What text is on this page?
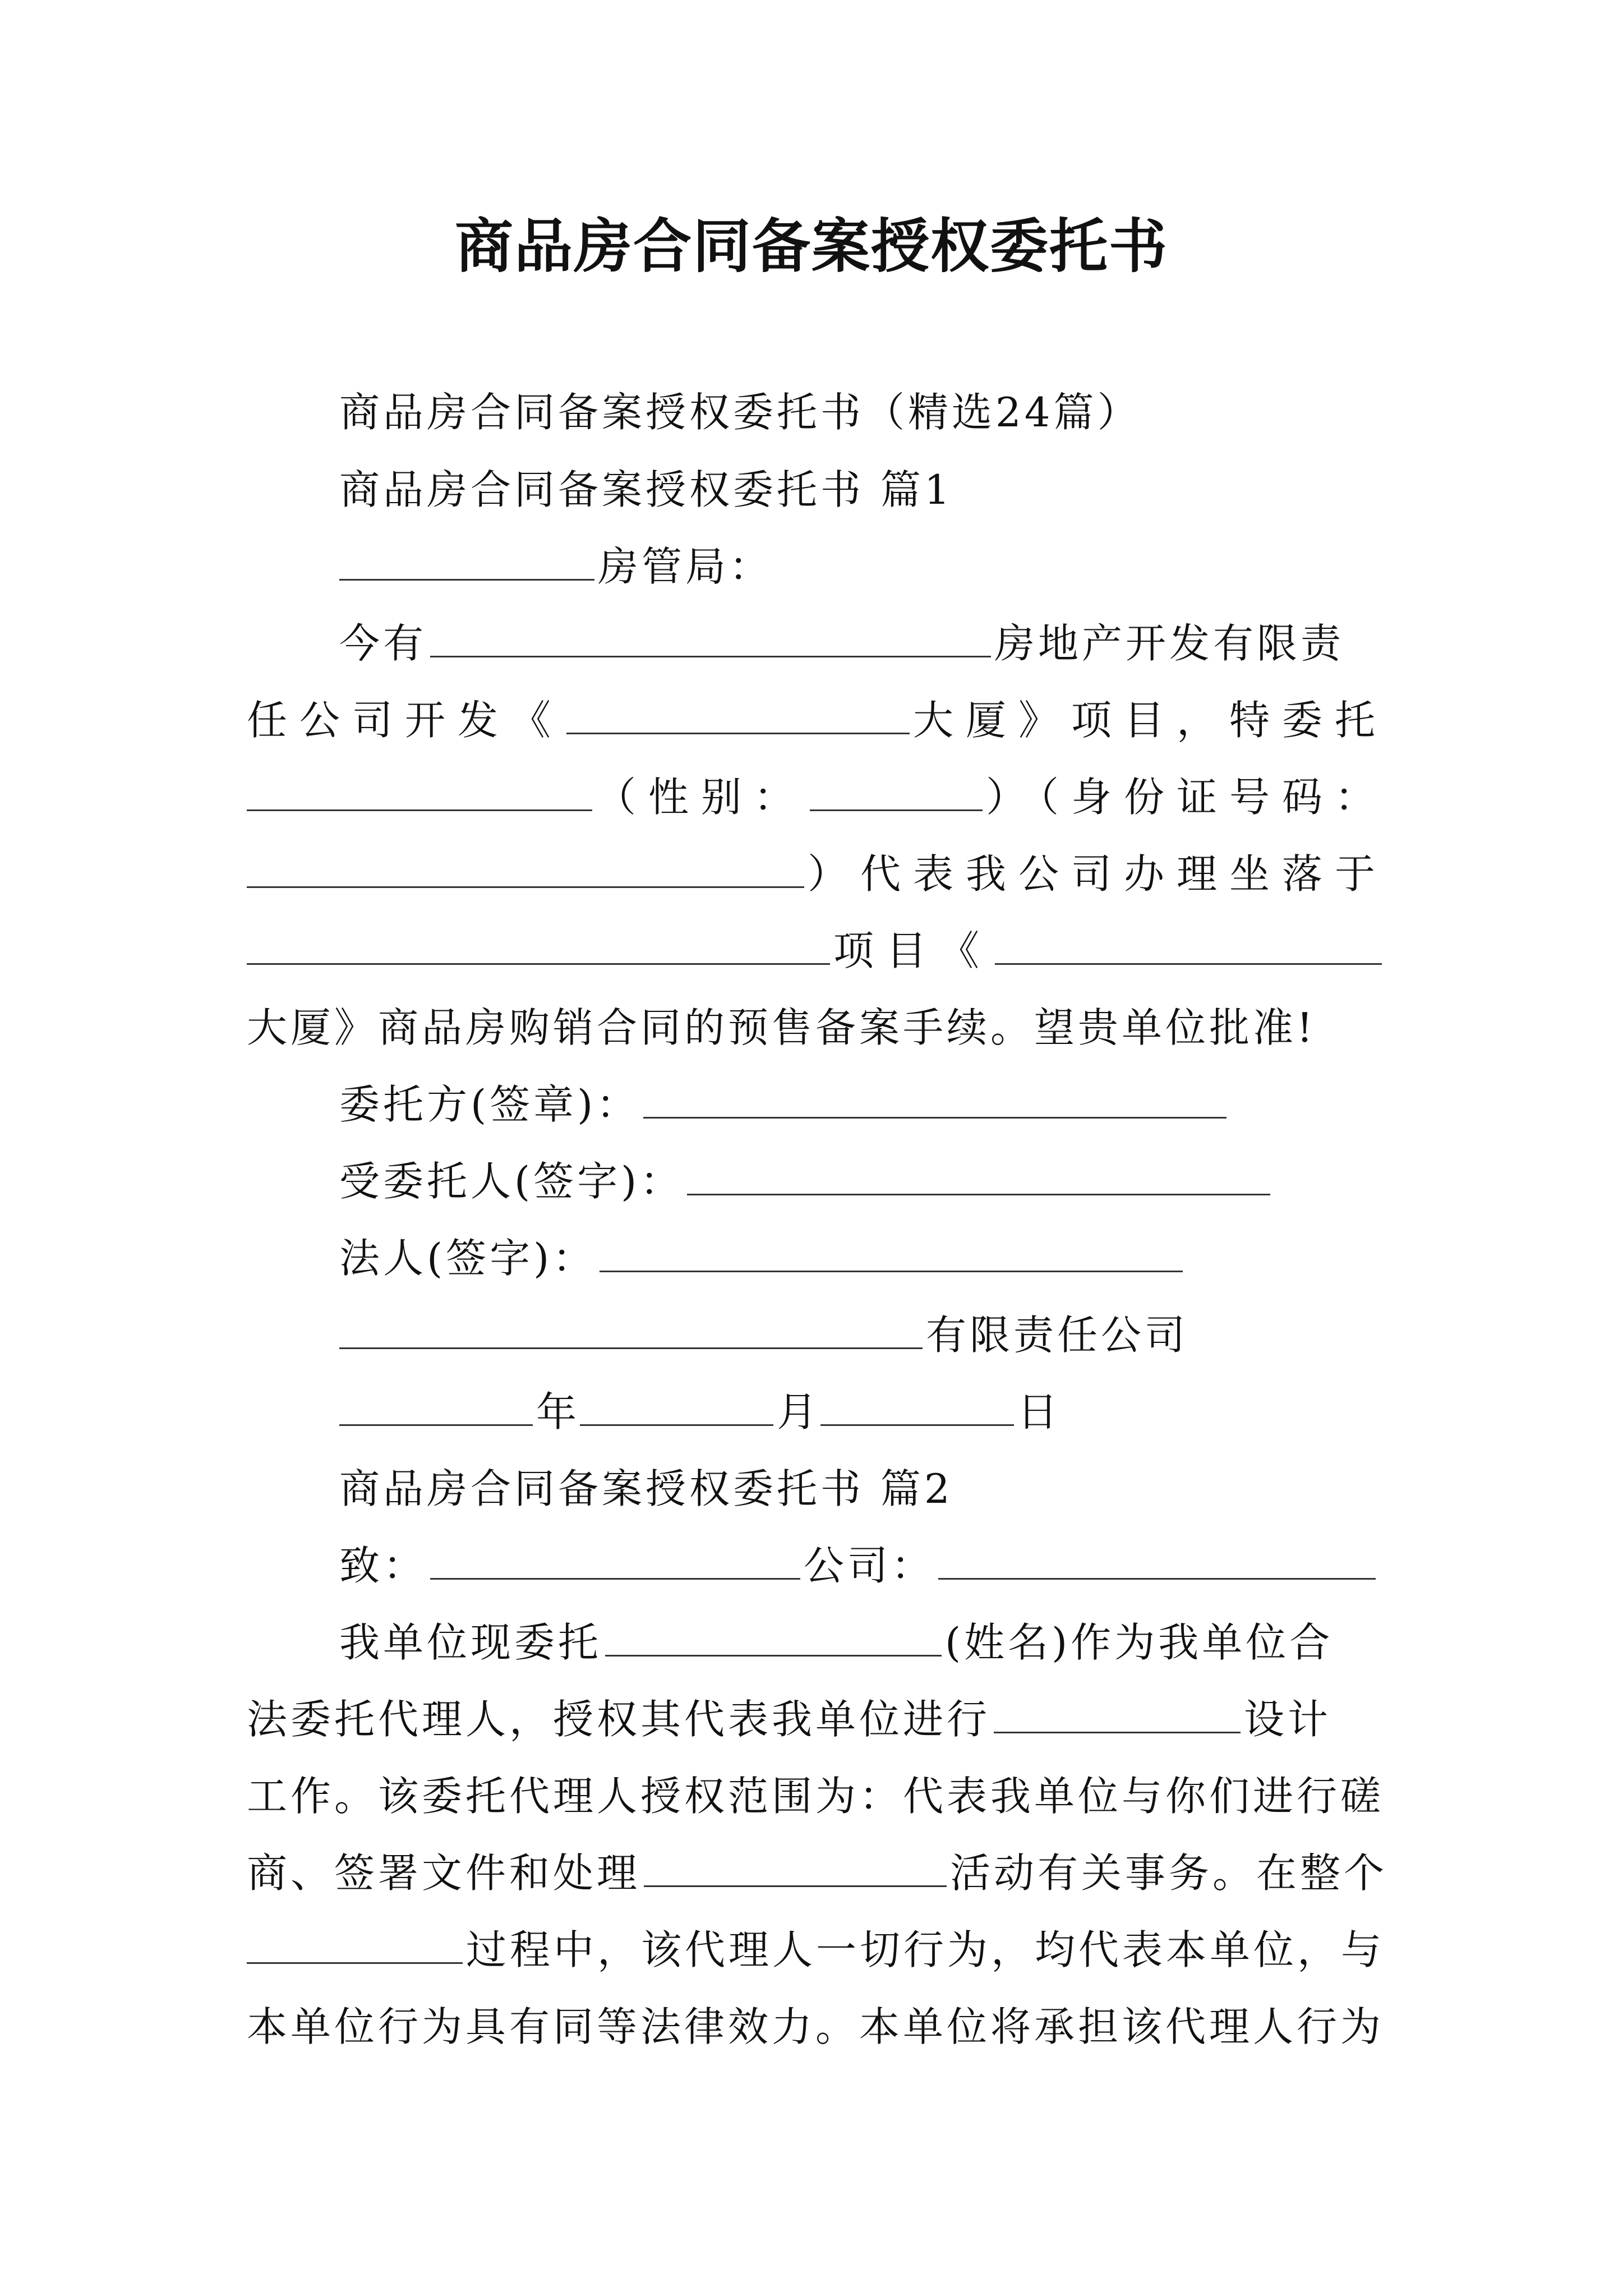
商品房合同备案授权委托书
商品房合同备案授权委托书（精选24篇）
商品房合同备案授权委托书 篇1
房管局：
今有	房地产开发有限责
任公司开发《	大厦》项目，特委托
（性别：	）（身份证号码：
）代表我公司办理坐落于
项目《
大厦》商品房购销合同的预售备案手续。望贵单位批准!
委托方(签章)：
受委托人(签字)：
法人(签字)：
有限责任公司
年	月	日
商品房合同备案授权委托书 篇2
致：	公司：
我单位现委托	(姓名)作为我单位合
法委托代理人，授权其代表我单位进行	设计
工作。该委托代理人授权范围为：代表我单位与你们进行磋
商、签署文件和处理	活动有关事务。在整个
过程中，该代理人一切行为，均代表本单位，与
本单位行为具有同等法律效力。本单位将承担该代理人行为
